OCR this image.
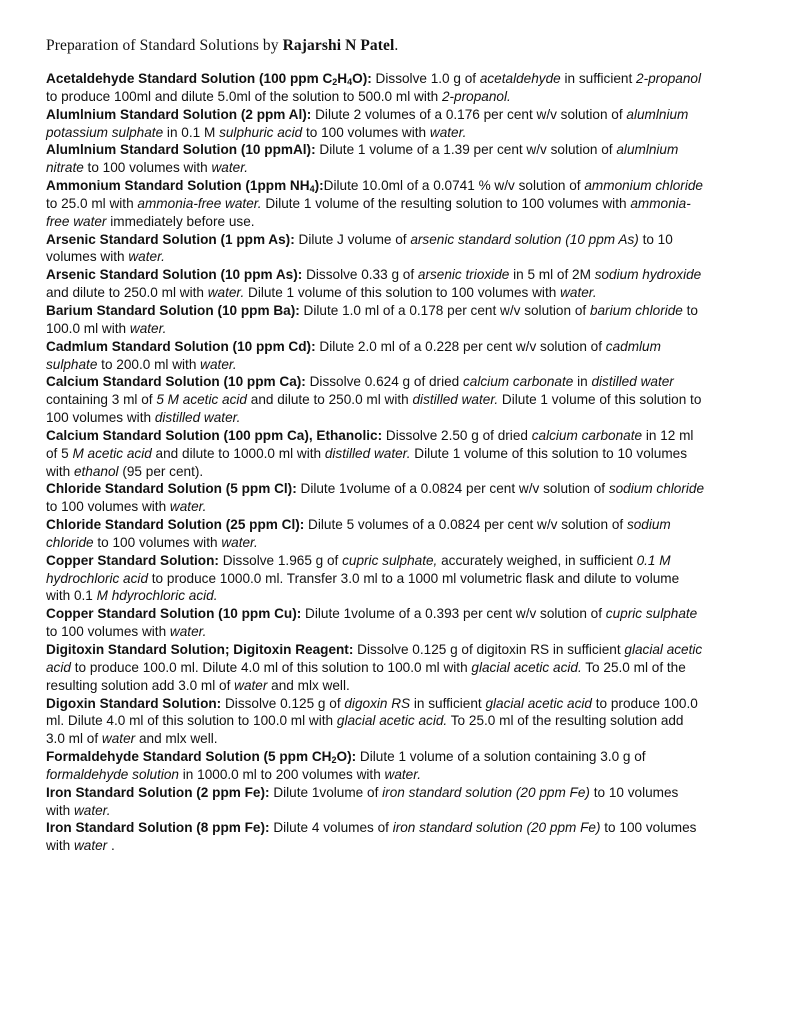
Preparation of Standard Solutions by Rajarshi N Patel.

Acetaldehyde Standard Solution (100 ppm $C_2H_4O$): Dissolve 1.0 g of acetaldehyde in sufficient 2-propanol to produce 100ml and dilute 5.0ml of the solution to 500.0 ml with 2-propanol.

Alumlnium Standard Solution (2 ppm Al): Dilute 2 volumes of a 0.176 per cent w/v solution of alumlnium potassium sulphate in 0.1 M sulphuric acid to 100 volumes with water.

Alumlnium Standard Solution (10 ppmAl): Dilute 1 volume of a 1.39 per cent w/v solution of alumlnium nitrate to 100 volumes with water.

Ammonium Standard Solution (1ppm $NH_4):Dilute$ 10.0ml of a 0.0741 % w/v solution of ammonium chloride to 25.0 ml with ammonia-free water. Dilute 1 volume of the resulting solution to 100 volumes with ammonia-free water immediately before use.

Arsenic Standard Solution (1 ppm As): Dilute J volume of arsenic standard solution (10 ppm As) to 10 volumes with water.

Arsenic Standard Solution (10 ppm As): Dissolve 0.33 g of arsenic trioxide in 5 ml of 2M sodium hydroxide and dilute to 250.0 ml with water. Dilute 1 volume of this solution to 100 volumes with water.

Barium Standard Solution (10 ppm Ba): Dilute 1.0 ml of a 0.178 per cent w/v solution of barium chloride to 100.0 ml with water.

Cadmlum Standard Solution (10 ppm Cd): Dilute 2.0 ml of a 0.228 per cent w/v solution of cadmlum sulphate to 200.0 ml with water.

Calcium Standard Solution (10 ppm Ca): Dissolve 0.624 g of dried calcium carbonate in distilled water containing 3 ml of 5 M acetic acid and dilute to 250.0 ml with distilled water. Dilute 1 volume of this solution to 100 volumes with distilled water.

Calcium Standard Solution (100 ppm Ca), Ethanolic: Dissolve 2.50 g of dried calcium carbonate in 12 ml of 5 M acetic acid and dilute to 1000.0 ml with distilled water. Dilute 1 volume of this solution to 10 volumes with ethanol (95 per cent).

Chloride Standard Solution (5 ppm Cl): Dilute 1volume of a 0.0824 per cent w/v solution of sodium chloride to 100 volumes with water.

Chloride Standard Solution (25 ppm Cl): Dilute 5 volumes of a 0.0824 per cent w/v solution of sodium chloride to 100 volumes with water.

Copper Standard Solution: Dissolve 1.965 g of cupric sulphate, accurately weighed, in sufficient 0.1 M hydrochloric acid to produce 1000.0 ml. Transfer 3.0 ml to a 1000 ml volumetric flask and dilute to volume with 0.1 M hdyrochloric acid.

Copper Standard Solution (10 ppm Cu): Dilute 1volume of a 0.393 per cent w/v solution of cupric sulphate to 100 volumes with water.

Digitoxin Standard Solution; Digitoxin Reagent: Dissolve 0.125 g of digitoxin RS in sufficient glacial acetic acid to produce 100.0 ml. Dilute 4.0 ml of this solution to 100.0 ml with glacial acetic acid. To 25.0 ml of the resulting solution add 3.0 ml of water and mlx well.

Digoxin Standard Solution: Dissolve 0.125 g of digoxin RS in sufficient glacial acetic acid to produce 100.0 ml. Dilute 4.0 ml of this solution to 100.0 ml with glacial acetic acid. To 25.0 ml of the resulting solution add 3.0 ml of water and mlx well.

Formaldehyde Standard Solution (5 ppm $CH_2O$): Dilute 1 volume of a solution containing 3.0 g of formaldehyde solution in 1000.0 ml to 200 volumes with water.

Iron Standard Solution (2 ppm Fe): Dilute 1volume of iron standard solution (20 ppm Fe) to 10 volumes with water.

Iron Standard Solution (8 ppm Fe): Dilute 4 volumes of iron standard solution (20 ppm Fe) to 100 volumes with water .
